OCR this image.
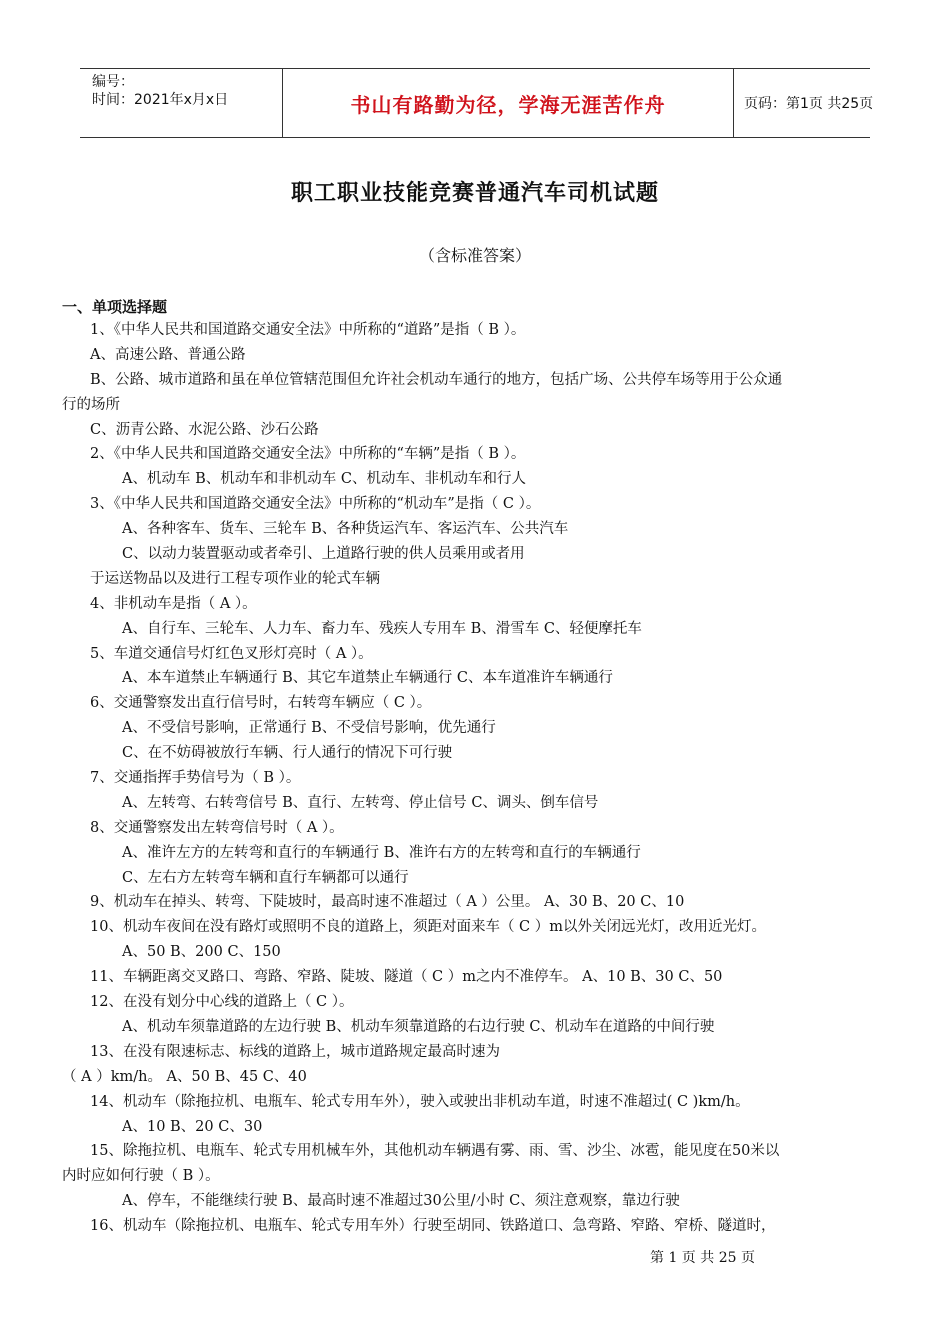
编号：
时间：2021年x月x日	书山有路勤为径，学海无涯苦作舟	页码：第1页 共25页
职工职业技能竞赛普通汽车司机试题
（含标准答案）
一、单项选择题
1、《中华人民共和国道路交通安全法》中所称的“道路”是指（ B ）。
A、高速公路、普通公路
B、公路、城市道路和虽在单位管辖范围但允许社会机动车通行的地方，包括广场、公共停车场等用于公众通
行的场所
C、沥青公路、水泥公路、沙石公路
2、《中华人民共和国道路交通安全法》中所称的“车辆”是指（ B ）。
A、机动车 B、机动车和非机动车 C、机动车、非机动车和行人
3、《中华人民共和国道路交通安全法》中所称的“机动车”是指（ C ）。
A、各种客车、货车、三轮车 B、各种货运汽车、客运汽车、公共汽车
C、以动力装置驱动或者牵引、上道路行驶的供人员乘用或者用
于运送物品以及进行工程专项作业的轮式车辆
4、非机动车是指（ A ）。
A、自行车、三轮车、人力车、畜力车、残疾人专用车 B、滑雪车 C、轻便摩托车
5、车道交通信号灯红色叉形灯亮时（ A ）。
A、本车道禁止车辆通行 B、其它车道禁止车辆通行 C、本车道准许车辆通行
6、交通警察发出直行信号时，右转弯车辆应（ C ）。
A、不受信号影响，正常通行 B、不受信号影响，优先通行
C、在不妨碍被放行车辆、行人通行的情况下可行驶
7、交通指挥手势信号为（ B ）。
A、左转弯、右转弯信号 B、直行、左转弯、停止信号 C、调头、倒车信号
8、交通警察发出左转弯信号时（ A ）。
A、准许左方的左转弯和直行的车辆通行 B、准许右方的左转弯和直行的车辆通行
C、左右方左转弯车辆和直行车辆都可以通行
9、机动车在掉头、转弯、下陡坡时，最高时速不准超过（ A ）公里。 A、30 B、20 C、10
10、机动车夜间在没有路灯或照明不良的道路上，须距对面来车（ C ）m以外关闭远光灯，改用近光灯。
A、50 B、200 C、150
11、车辆距离交叉路口、弯路、窄路、陡坡、隧道（ C ）m之内不准停车。 A、10 B、30 C、50
12、在没有划分中心线的道路上（ C ）。
A、机动车须靠道路的左边行驶 B、机动车须靠道路的右边行驶 C、机动车在道路的中间行驶
13、在没有限速标志、标线的道路上，城市道路规定最高时速为
（ A ）km/h。 A、50 B、45 C、40
14、机动车（除拖拉机、电瓶车、轮式专用车外），驶入或驶出非机动车道，时速不准超过( C )km/h。
A、10 B、20 C、30
15、除拖拉机、电瓶车、轮式专用机械车外，其他机动车辆遇有雾、雨、雪、沙尘、冰雹，能见度在50米以
内时应如何行驶（ B ）。
A、停车，不能继续行驶 B、最高时速不准超过30公里/小时 C、须注意观察，靠边行驶
16、机动车（除拖拉机、电瓶车、轮式专用车外）行驶至胡同、铁路道口、急弯路、窄路、窄桥、隧道时，
第 1 页 共 25 页
